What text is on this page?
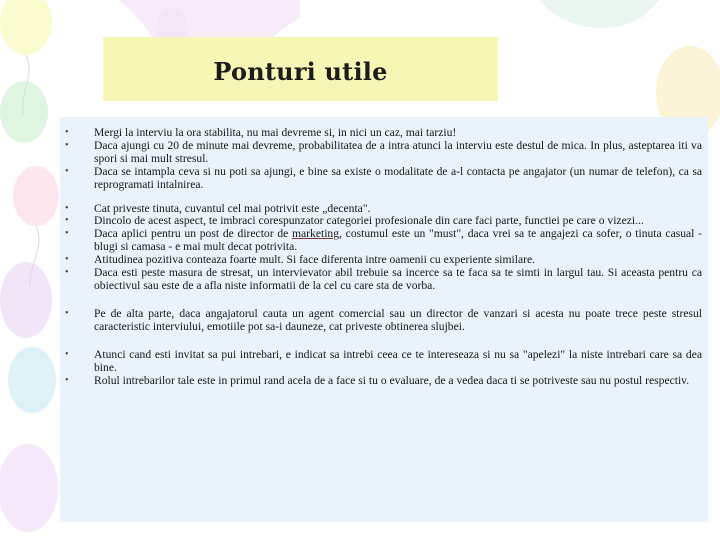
Ponturi utile
• Mergi la interviu la ora stabilita, nu mai devreme si, in nici un caz, mai tarziu!
• Daca ajungi cu 20 de minute mai devreme, probabilitatea de a intra atunci la interviu este destul de mica. In plus, asteptarea iti va spori si mai mult stresul.
• Daca se intampla ceva si nu poti sa ajungi, e bine sa existe o modalitate de a-l contacta pe angajator (un numar de telefon), ca sa reprogramati intalnirea.
• Cat priveste tinuta, cuvantul cel mai potrivit este „decenta".
• Dincolo de acest aspect, te imbraci corespunzator categoriei profesionale din care faci parte, functiei pe care o vizezi...
• Daca aplici pentru un post de director de marketing, costumul este un "must", daca vrei sa te angajezi ca sofer, o tinuta casual - blugi si camasa - e mai mult decat potrivita.
• Atitudinea pozitiva conteaza foarte mult. Si face diferenta intre oamenii cu experiente similare.
• Daca esti peste masura de stresat, un intervievator abil trebuie sa incerce sa te faca sa te simti in largul tau. Si aceasta pentru ca obiectivul sau este de a afla niste informatii de la cel cu care sta de vorba.
• Pe de alta parte, daca angajatorul cauta un agent comercial sau un director de vanzari si acesta nu poate trece peste stresul caracteristic interviului, emotiile pot sa-i dauneze, cat priveste obtinerea slujbei.
• Atunci cand esti invitat sa pui intrebari, e indicat sa intrebi ceea ce te intereseaza si nu sa "apelezi" la niste intrebari care sa dea bine.
• Rolul intrebarilor tale este in primul rand acela de a face si tu o evaluare, de a vedea daca ti se potriveste sau nu postul respectiv.
